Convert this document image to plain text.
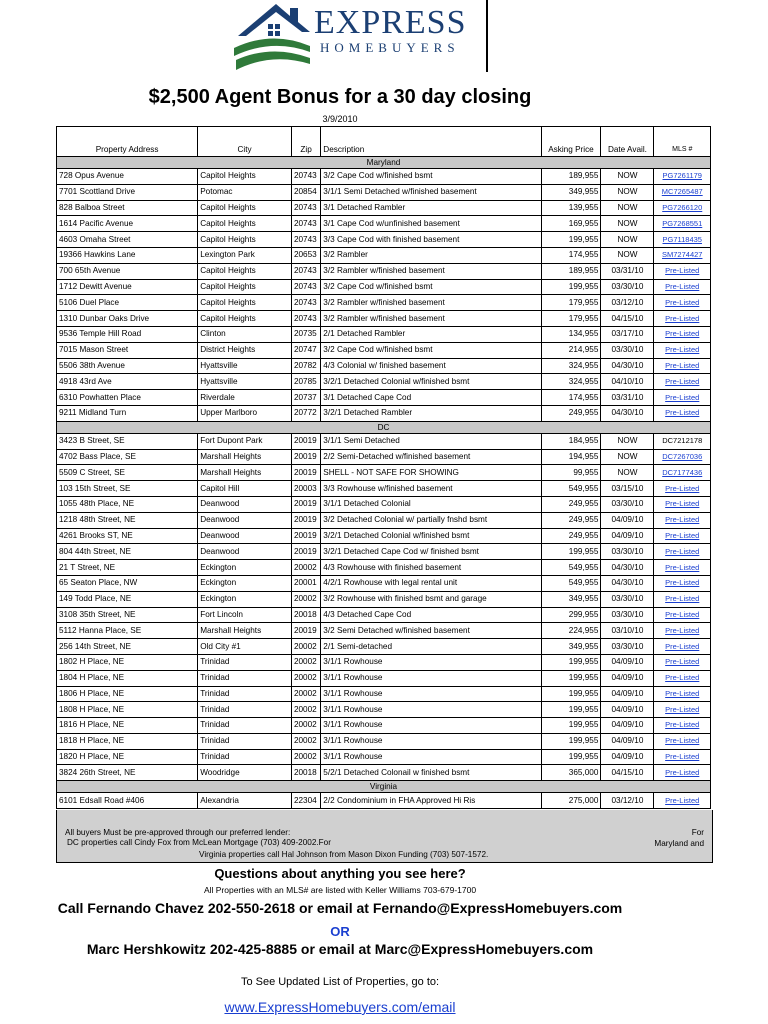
EXPRESS
HOMEBUYERS
$2,500 Agent Bonus for a 30 day closing
3/9/2010
Property Address	City	Zip	Description	Asking Price	Date Avail.	MLS #
Maryland						
728 Opus Avenue	Capitol Heights	20743	3/2 Cape Cod w/finished bsmt	189,955	NOW	PG7261179
7701 Scottland Drive	Potomac	20854	3/1/1 Semi Detached w/finished basement	349,955	NOW	MC7265487
828 Balboa Street	Capitol Heights	20743	3/1 Detached Rambler	139,955	NOW	PG7266120
1614 Pacific Avenue	Capitol Heights	20743	3/1 Cape Cod w/unfinished basement	169,955	NOW	PG7268551
4603 Omaha Street	Capitol Heights	20743	3/3 Cape Cod with finished basement	199,955	NOW	PG7118435
19366 Hawkins Lane	Lexington Park	20653	3/2 Rambler	174,955	NOW	SM7274427
700 65th Avenue	Capitol Heights	20743	3/2 Rambler w/finished basement	189,955	03/31/10	Pre-Listed
1712 Dewitt Avenue	Capitol Heights	20743	3/2 Cape Cod w/finished bsmt	199,955	03/30/10	Pre-Listed
5106 Duel Place	Capitol Heights	20743	3/2 Rambler w/finished basement	179,955	03/12/10	Pre-Listed
1310 Dunbar Oaks Drive	Capitol Heights	20743	3/2 Rambler w/finished basement	179,955	04/15/10	Pre-Listed
9536 Temple Hill Road	Clinton	20735	2/1 Detached Rambler	134,955	03/17/10	Pre-Listed
7015 Mason Street	District Heights	20747	3/2 Cape Cod w/finished bsmt	214,955	03/30/10	Pre-Listed
5506 38th Avenue	Hyattsville	20782	4/3 Colonial w/ finished basement	324,955	04/30/10	Pre-Listed
4918 43rd Ave	Hyattsville	20785	3/2/1 Detached Colonial w/finished bsmt	324,955	04/10/10	Pre-Listed
6310 Powhatten Place	Riverdale	20737	3/1 Detached Cape Cod	174,955	03/31/10	Pre-Listed
9211 Midland Turn	Upper Marlboro	20772	3/2/1 Detached Rambler	249,955	04/30/10	Pre-Listed
DC						
3423 B Street, SE	Fort Dupont Park	20019	3/1/1 Semi Detached	184,955	NOW	DC7212178
4702 Bass Place, SE	Marshall Heights	20019	2/2 Semi-Detached w/finished basement	194,955	NOW	DC7267036
5509 C Street, SE	Marshall Heights	20019	SHELL - NOT SAFE FOR SHOWING	99,955	NOW	DC7177436
103 15th Street, SE	Capitol Hill	20003	3/3 Rowhouse w/finished basement	549,955	03/15/10	Pre-Listed
1055 48th Place, NE	Deanwood	20019	3/1/1 Detached Colonial	249,955	03/30/10	Pre-Listed
1218 48th Street, NE	Deanwood	20019	3/2 Detached Colonial w/ partially fnshd bsmt	249,955	04/09/10	Pre-Listed
4261 Brooks ST, NE	Deanwood	20019	3/2/1 Detached Colonial w/finished bsmt	249,955	04/09/10	Pre-Listed
804 44th Street, NE	Deanwood	20019	3/2/1 Detached Cape Cod w/ finished bsmt	199,955	03/30/10	Pre-Listed
21 T Street, NE	Eckington	20002	4/3 Rowhouse with finished basement	549,955	04/30/10	Pre-Listed
65 Seaton Place, NW	Eckington	20001	4/2/1 Rowhouse with legal rental unit	549,955	04/30/10	Pre-Listed
149 Todd Place, NE	Eckington	20002	3/2 Rowhouse with finished bsmt and garage	349,955	03/30/10	Pre-Listed
3108 35th Street, NE	Fort Lincoln	20018	4/3 Detached Cape Cod	299,955	03/30/10	Pre-Listed
5112 Hanna Place, SE	Marshall Heights	20019	3/2 Semi Detached w/finished basement	224,955	03/10/10	Pre-Listed
256 14th Street, NE	Old City #1	20002	2/1 Semi-detached	349,955	03/30/10	Pre-Listed
1802 H Place, NE	Trinidad	20002	3/1/1 Rowhouse	199,955	04/09/10	Pre-Listed
1804 H Place, NE	Trinidad	20002	3/1/1 Rowhouse	199,955	04/09/10	Pre-Listed
1806 H Place, NE	Trinidad	20002	3/1/1 Rowhouse	199,955	04/09/10	Pre-Listed
1808 H Place, NE	Trinidad	20002	3/1/1 Rowhouse	199,955	04/09/10	Pre-Listed
1816 H Place, NE	Trinidad	20002	3/1/1 Rowhouse	199,955	04/09/10	Pre-Listed
1818 H Place, NE	Trinidad	20002	3/1/1 Rowhouse	199,955	04/09/10	Pre-Listed
1820 H Place, NE	Trinidad	20002	3/1/1 Rowhouse	199,955	04/09/10	Pre-Listed
3824 26th Street, NE	Woodridge	20018	5/2/1 Detached Colonail w finished bsmt	365,000	04/15/10	Pre-Listed
Virginia						
6101 Edsall Road #406	Alexandria	22304	2/2 Condominium in FHA Approved Hi Ris	275,000	03/12/10	Pre-Listed
All buyers Must be pre-approved through our preferred lender:
DC properties call Cindy Fox from McLean Mortgage (703) 409-2002.For
Virginia properties call Hal Johnson from Mason Dixon Funding (703) 507-1572.
For
Maryland and
Questions about anything you see here?
All Properties with an MLS# are listed with Keller Williams 703-679-1700
Call Fernando Chavez 202-550-2618 or email at Fernando@ExpressHomebuyers.com
OR
Marc Hershkowitz 202-425-8885 or email at Marc@ExpressHomebuyers.com
To See Updated List of Properties, go to:
www.ExpressHomebuyers.com/email
